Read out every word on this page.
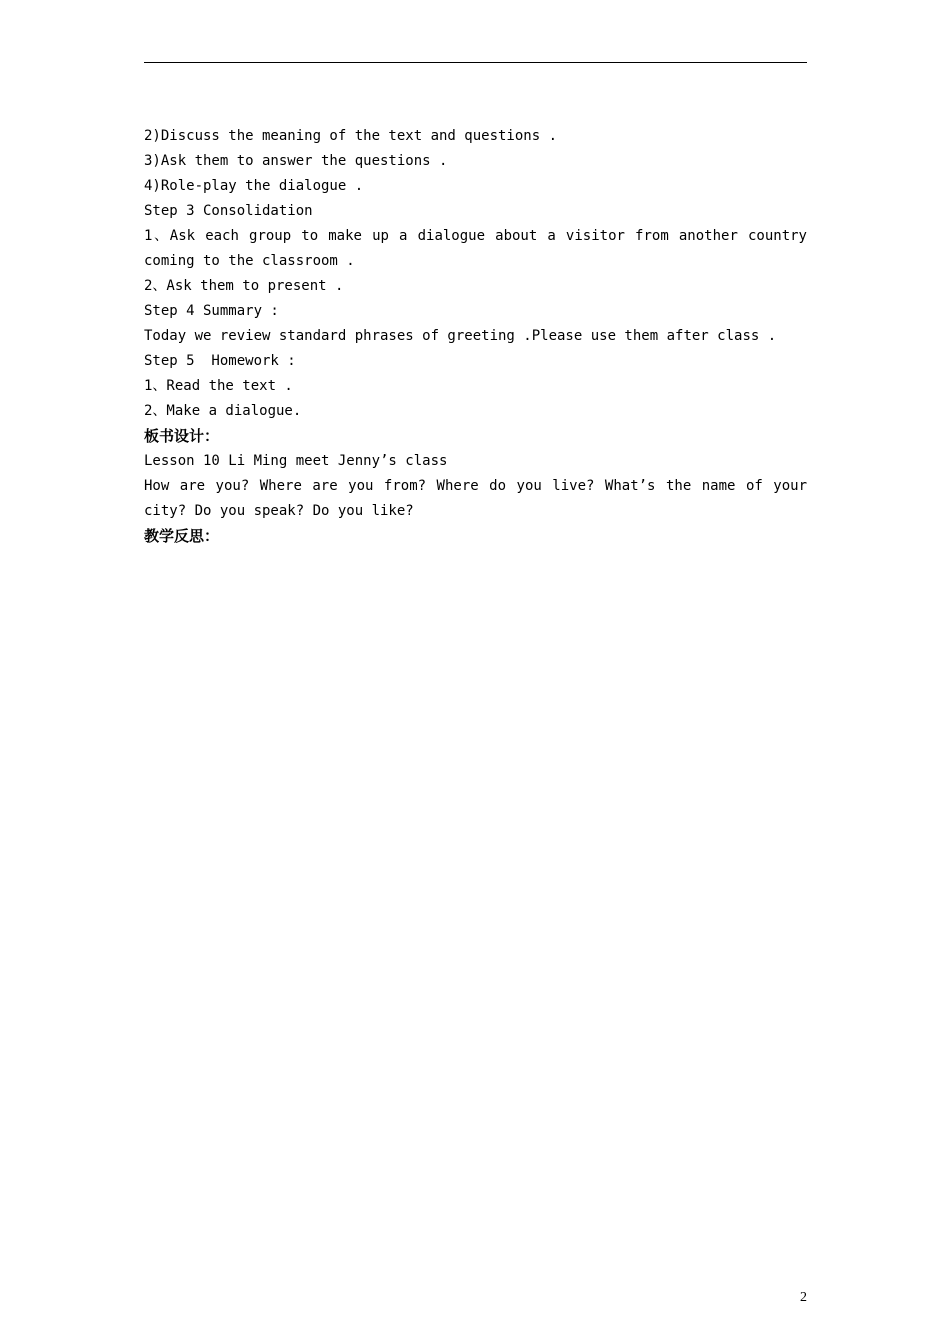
2)Discuss the meaning of the text and questions .
3)Ask them to answer the questions .
4)Role-play the dialogue .
Step 3 Consolidation
1、Ask each group to make up a dialogue about a visitor from another country
coming to the classroom .
2、Ask them to present .
Step 4 Summary :
Today we review standard phrases of greeting .Please use them after class .
Step 5  Homework :
1、Read the text .
2、Make a dialogue.
板书设计：
Lesson 10 Li Ming meet Jenny’s class
How are you? Where are you from? Where do you live? What’s the name of your
city? Do you speak? Do you like?
教学反思：
2
